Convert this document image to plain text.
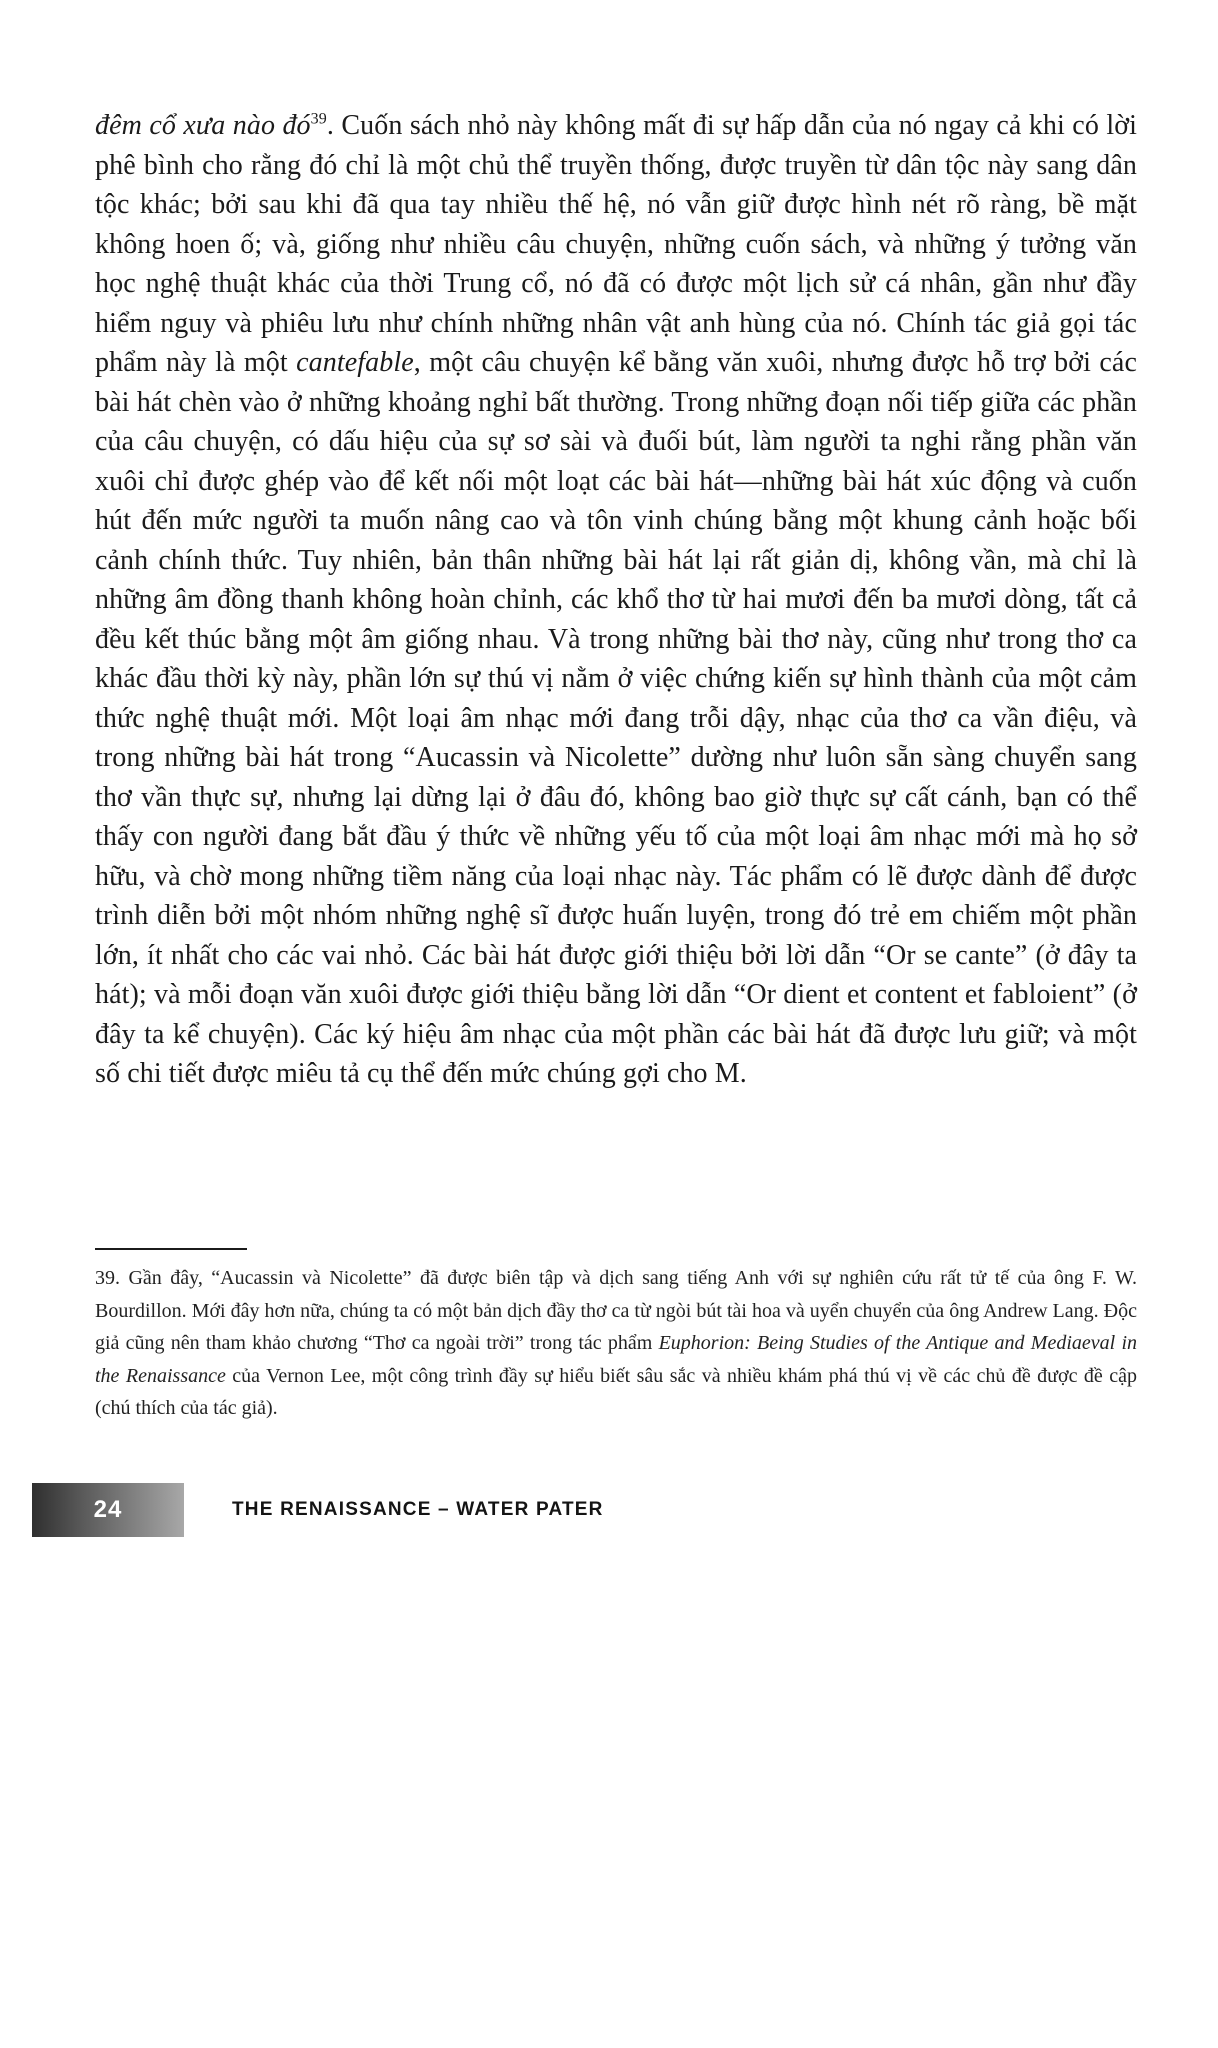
đêm cổ xưa nào đó$^{39}$. Cuốn sách nhỏ này không mất đi sự hấp dẫn của nó ngay cả khi có lời phê bình cho rằng đó chỉ là một chủ thể truyền thống, được truyền từ dân tộc này sang dân tộc khác; bởi sau khi đã qua tay nhiều thế hệ, nó vẫn giữ được hình nét rõ ràng, bề mặt không hoen ố; và, giống như nhiều câu chuyện, những cuốn sách, và những ý tưởng văn học nghệ thuật khác của thời Trung cổ, nó đã có được một lịch sử cá nhân, gần như đầy hiểm nguy và phiêu lưu như chính những nhân vật anh hùng của nó. Chính tác giả gọi tác phẩm này là một cantefable, một câu chuyện kể bằng văn xuôi, nhưng được hỗ trợ bởi các bài hát chèn vào ở những khoảng nghỉ bất thường. Trong những đoạn nối tiếp giữa các phần của câu chuyện, có dấu hiệu của sự sơ sài và đuối bút, làm người ta nghi rằng phần văn xuôi chỉ được ghép vào để kết nối một loạt các bài hát—những bài hát xúc động và cuốn hút đến mức người ta muốn nâng cao và tôn vinh chúng bằng một khung cảnh hoặc bối cảnh chính thức. Tuy nhiên, bản thân những bài hát lại rất giản dị, không vần, mà chỉ là những âm đồng thanh không hoàn chỉnh, các khổ thơ từ hai mươi đến ba mươi dòng, tất cả đều kết thúc bằng một âm giống nhau. Và trong những bài thơ này, cũng như trong thơ ca khác đầu thời kỳ này, phần lớn sự thú vị nằm ở việc chứng kiến sự hình thành của một cảm thức nghệ thuật mới. Một loại âm nhạc mới đang trỗi dậy, nhạc của thơ ca vần điệu, và trong những bài hát trong “Aucassin và Nicolette” dường như luôn sẵn sàng chuyển sang thơ vần thực sự, nhưng lại dừng lại ở đâu đó, không bao giờ thực sự cất cánh, bạn có thể thấy con người đang bắt đầu ý thức về những yếu tố của một loại âm nhạc mới mà họ sở hữu, và chờ mong những tiềm năng của loại nhạc này. Tác phẩm có lẽ được dành để được trình diễn bởi một nhóm những nghệ sĩ được huấn luyện, trong đó trẻ em chiếm một phần lớn, ít nhất cho các vai nhỏ. Các bài hát được giới thiệu bởi lời dẫn “Or se cante” (ở đây ta hát); và mỗi đoạn văn xuôi được giới thiệu bằng lời dẫn “Or dient et content et fabloient” (ở đây ta kể chuyện). Các ký hiệu âm nhạc của một phần các bài hát đã được lưu giữ; và một số chi tiết được miêu tả cụ thể đến mức chúng gợi cho M.

39. Gần đây, “Aucassin và Nicolette” đã được biên tập và dịch sang tiếng Anh với sự nghiên cứu rất tử tế của ông F. W. Bourdillon. Mới đây hơn nữa, chúng ta có một bản dịch đầy thơ ca từ ngòi bút tài hoa và uyển chuyển của ông Andrew Lang. Độc giả cũng nên tham khảo chương “Thơ ca ngoài trời” trong tác phẩm Euphorion: Being Studies of the Antique and Mediaeval in the Renaissance của Vernon Lee, một công trình đầy sự hiểu biết sâu sắc và nhiều khám phá thú vị về các chủ đề được đề cập (chú thích của tác giả).

24	THE RENAISSANCE – WATER PATER
